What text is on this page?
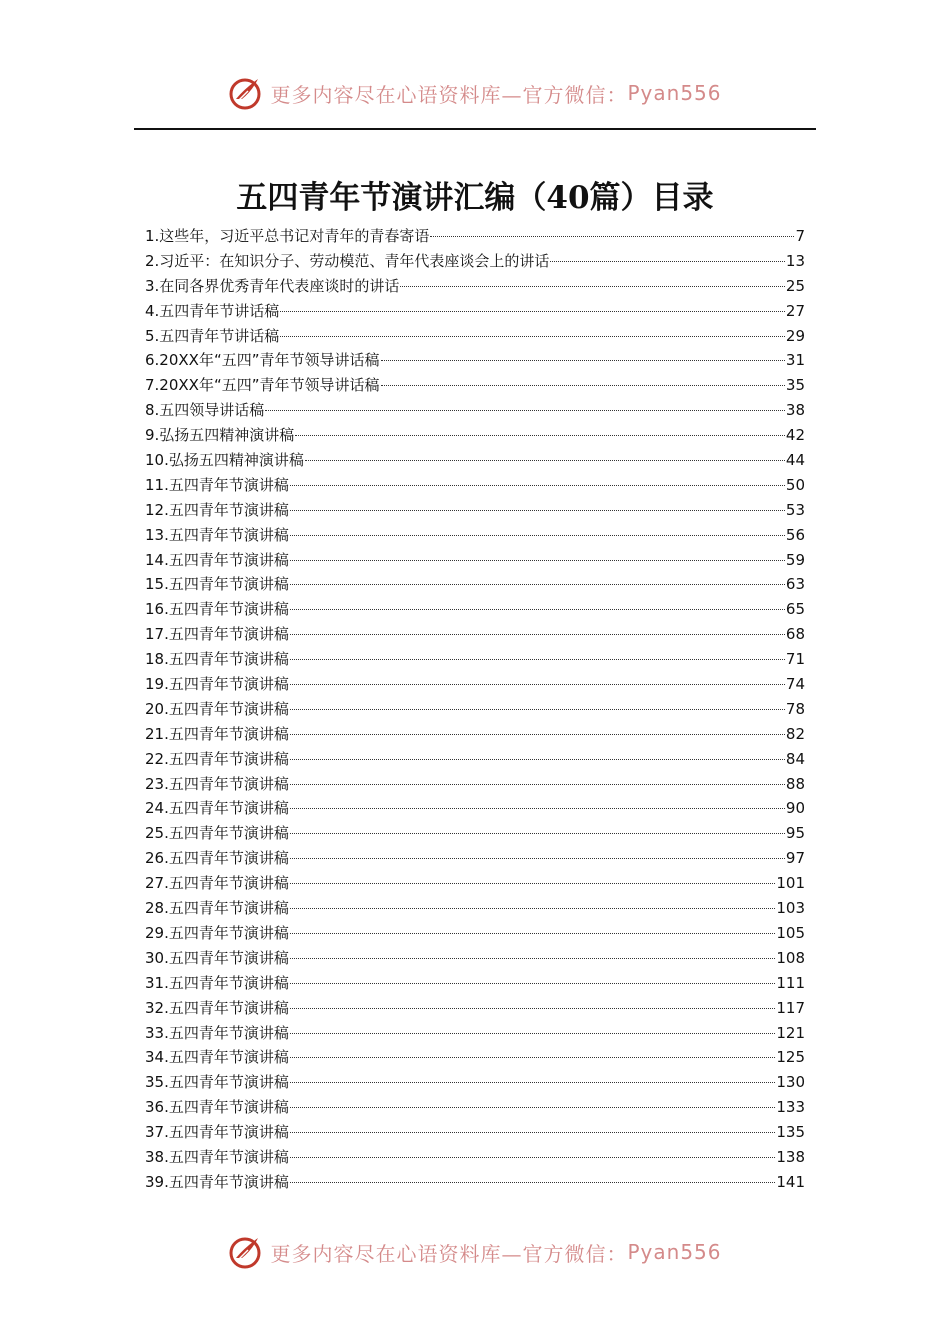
更多内容尽在心语资料库—官方微信： Pyan556
五四青年节演讲汇编（40篇）目录
1.这些年，习近平总书记对青年的青春寄语	7
2.习近平：在知识分子、劳动模范、青年代表座谈会上的讲话	13
3.在同各界优秀青年代表座谈时的讲话	25
4.五四青年节讲话稿	27
5.五四青年节讲话稿	29
6.20XX年“五四”青年节领导讲话稿	31
7.20XX年“五四”青年节领导讲话稿	35
8.五四领导讲话稿	38
9.弘扬五四精神演讲稿	42
10.弘扬五四精神演讲稿	44
11.五四青年节演讲稿	50
12.五四青年节演讲稿	53
13.五四青年节演讲稿	56
14.五四青年节演讲稿	59
15.五四青年节演讲稿	63
16.五四青年节演讲稿	65
17.五四青年节演讲稿	68
18.五四青年节演讲稿	71
19.五四青年节演讲稿	74
20.五四青年节演讲稿	78
21.五四青年节演讲稿	82
22.五四青年节演讲稿	84
23.五四青年节演讲稿	88
24.五四青年节演讲稿	90
25.五四青年节演讲稿	95
26.五四青年节演讲稿	97
27.五四青年节演讲稿	101
28.五四青年节演讲稿	103
29.五四青年节演讲稿	105
30.五四青年节演讲稿	108
31.五四青年节演讲稿	111
32.五四青年节演讲稿	117
33.五四青年节演讲稿	121
34.五四青年节演讲稿	125
35.五四青年节演讲稿	130
36.五四青年节演讲稿	133
37.五四青年节演讲稿	135
38.五四青年节演讲稿	138
39.五四青年节演讲稿	141
更多内容尽在心语资料库—官方微信： Pyan556
